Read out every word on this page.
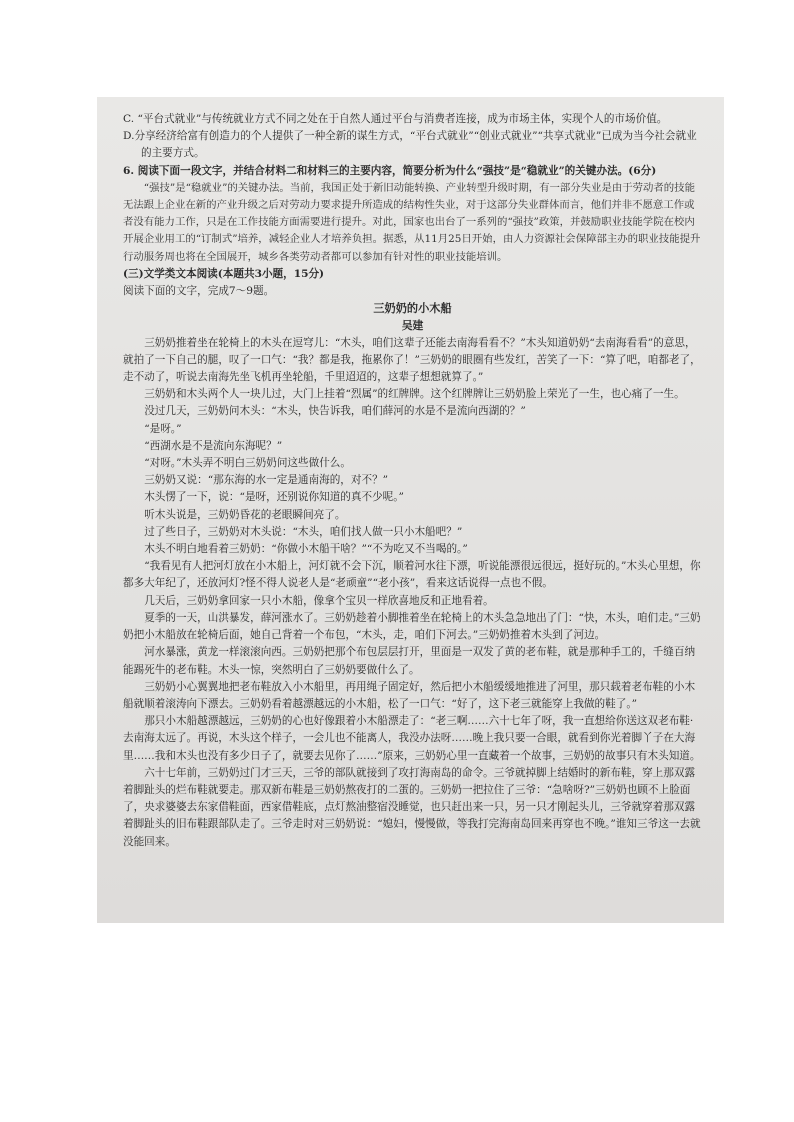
C. “平台式就业”与传统就业方式不同之处在于自然人通过平台与消费者连接，成为市场主体，实现个人的市场价值。

D.分享经济给富有创造力的个人提供了一种全新的谋生方式，“平台式就业”“创业式就业”“共享式就业”已成为当今社会就业的主要方式。

6. 阅读下面一段文字，并结合材料二和材料三的主要内容，简要分析为什么“强技”是“稳就业”的关键办法。(6分)

“强技”是“稳就业”的关键办法。当前，我国正处于新旧动能转换、产业转型升级时期，有一部分失业是由于劳动者的技能无法跟上企业在新的产业升级之后对劳动力要求提升所造成的结构性失业，对于这部分失业群体而言，他们并非不愿意工作或者没有能力工作，只是在工作技能方面需要进行提升。对此，国家也出台了一系列的“强技”政策，并鼓励职业技能学院在校内开展企业用工的“订制式”培养，减轻企业人才培养负担。据悉，从11月25日开始，由人力资源社会保障部主办的职业技能提升行动服务周也将在全国展开，城乡各类劳动者都可以参加有针对性的职业技能培训。

(三)文学类文本阅读(本题共3小题，15分)

阅读下面的文字，完成7～9题。

三奶奶的小木船

吴建

三奶奶推着坐在轮椅上的木头在逗穹儿：“木头，咱们这辈子还能去南海看看不？”木头知道奶奶“去南海看看”的意思，就拍了一下自己的腿，叹了一口气：“我？都是我，拖累你了！”三奶奶的眼圈有些发红，苦笑了一下：“算了吧，咱都老了，走不动了，听说去南海先坐飞机再坐轮船，千里迢迢的，这辈子想想就算了。”

三奶奶和木头两个人一块儿过，大门上挂着“烈属”的红牌牌。这个红牌牌让三奶奶脸上荣光了一生，也心痛了一生。

没过几天，三奶奶问木头：“木头，快告诉我，咱们薛河的水是不是流向西湖的？”

“是呀。”

“西湖水是不是流向东海呢？”

“对呀。”木头弄不明白三奶奶问这些做什么。

三奶奶又说：“那东海的水一定是通南海的，对不？”

木头愣了一下，说：“是呀，还别说你知道的真不少呢。”

听木头说是，三奶奶昏花的老眼瞬间亮了。

过了些日子，三奶奶对木头说：“木头，咱们找人做一只小木船吧？”

木头不明白地看着三奶奶：“你做小木船干啥？”“不为吃又不当喝的。”

“我看见有人把河灯放在小木船上，河灯就不会下沉，顺着河水往下漂，听说能漂很远很远，挺好玩的。”木头心里想，你都多大年纪了，还放河灯?怪不得人说老人是“老顽童”“老小孩”，看来这话说得一点也不假。

几天后，三奶奶拿回家一只小木船，像拿个宝贝一样欣喜地反和正地看着。

夏季的一天，山洪暴发，薛河涨水了。三奶奶趁着小脚推着坐在轮椅上的木头急急地出了门：“快，木头，咱们走。”三奶奶把小木船放在轮椅后面，她自己背着一个布包，“木头，走，咱们下河去。”三奶奶推着木头到了河边。

河水暴涨，黄龙一样滚滚向西。三奶奶把那个布包层层打开，里面是一双发了黄的老布鞋，就是那种手工的，千缝百纳能踢死牛的老布鞋。木头一惊，突然明白了三奶奶要做什么了。

三奶奶小心翼翼地把老布鞋放入小木船里，再用绳子固定好，然后把小木船缓缓地推进了河里，那只载着老布鞋的小木船就顺着滚涛向下漂去。三奶奶看着越漂越远的小木船，松了一口气：“好了，这下老三就能穿上我做的鞋了。”

那只小木船越漂越远，三奶奶的心也好像跟着小木船漂走了：“老三啊……六十七年了呀，我一直想给你送这双老布鞋·去南海太远了。再说，木头这个样子，一会儿也不能离人，我没办法呀……晚上我只要一合眼，就看到你光着脚丫子在大海里……我和木头也没有多少日子了，就要去见你了……”原来，三奶奶心里一直藏着一个故事，三奶奶的故事只有木头知道。

六十七年前，三奶奶过门才三天，三爷的部队就接到了攻打海南岛的命令。三爷就掉脚上结婚时的新布鞋，穿上那双露着脚趾头的烂布鞋就要走。那双新布鞋是三奶奶熬夜打的二蛋的。三奶奶一把拉住了三爷：“急啥呀?”三奶奶也顾不上脸面了，央求婆婆去东家借鞋面，西家借鞋底，点灯熬油整宿没睡觉，也只赶出来一只，另一只才刚起头儿，三爷就穿着那双露着脚趾头的旧布鞋跟部队走了。三爷走时对三奶奶说：“媳妇，慢慢做，等我打完海南岛回来再穿也不晚。”谁知三爷这一去就没能回来。
